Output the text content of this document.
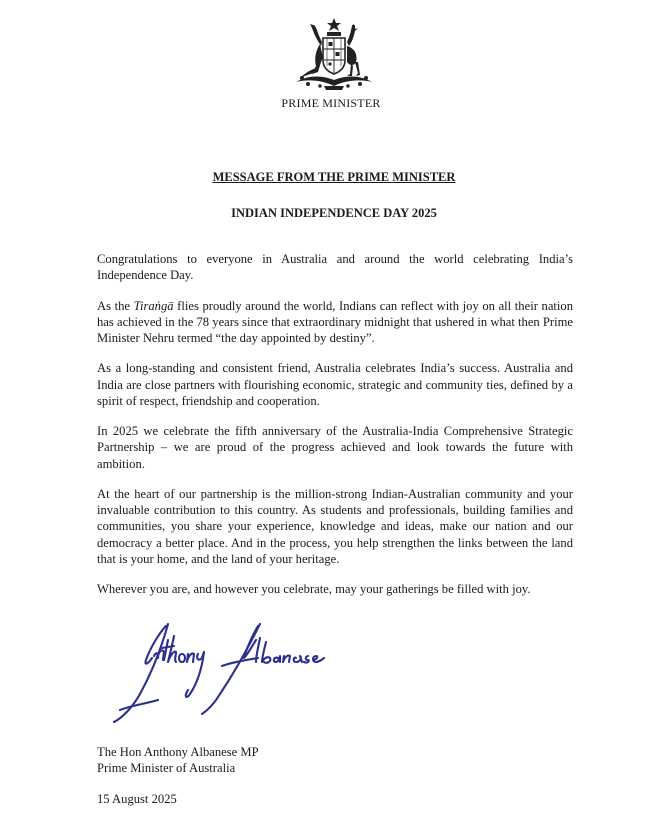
PRIME MINISTER
MESSAGE FROM THE PRIME MINISTER
INDIAN INDEPENDENCE DAY 2025

Congratulations to everyone in Australia and around the world celebrating India’s Independence Day.

As the Tiraṅgā flies proudly around the world, Indians can reflect with joy on all their nation has achieved in the 78 years since that extraordinary midnight that ushered in what then Prime Minister Nehru termed “the day appointed by destiny”.

As a long-standing and consistent friend, Australia celebrates India’s success. Australia and India are close partners with flourishing economic, strategic and community ties, defined by a spirit of respect, friendship and cooperation.

In 2025 we celebrate the fifth anniversary of the Australia-India Comprehensive Strategic Partnership – we are proud of the progress achieved and look towards the future with ambition.

At the heart of our partnership is the million-strong Indian-Australian community and your invaluable contribution to this country. As students and professionals, building families and communities, you share your experience, knowledge and ideas, make our nation and our democracy a better place. And in the process, you help strengthen the links between the land that is your home, and the land of your heritage.

Wherever you are, and however you celebrate, may your gatherings be filled with joy.

The Hon Anthony Albanese MP
Prime Minister of Australia
15 August 2025
